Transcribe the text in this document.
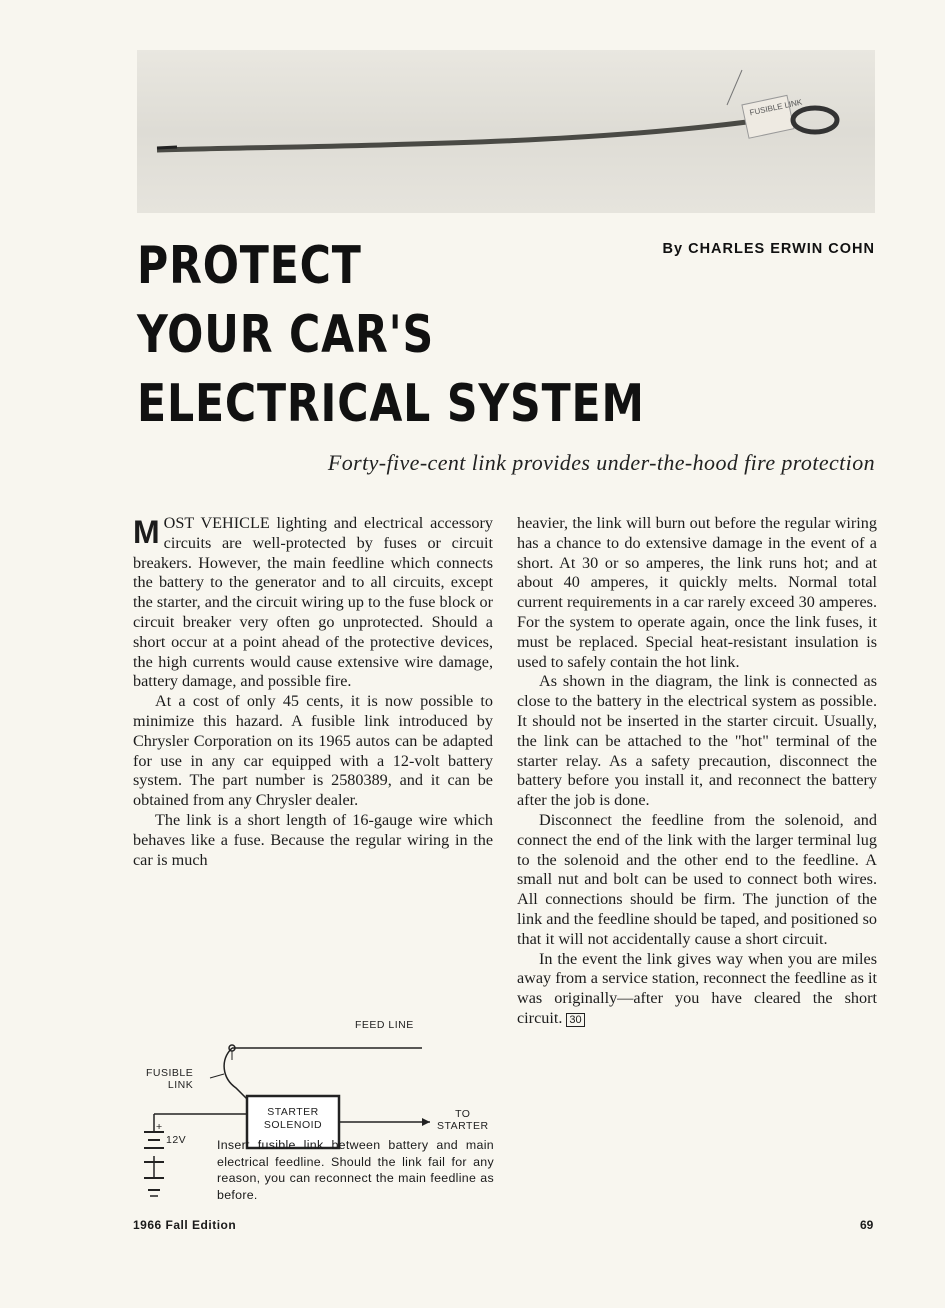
FUSIBLE LINK
PROTECT
YOUR CAR'S
ELECTRICAL SYSTEM
By CHARLES ERWIN COHN
Forty-five-cent link provides under-the-hood fire protection

MOST VEHICLE lighting and electrical accessory circuits are well-protected by fuses or circuit breakers. However, the main feedline which connects the battery to the generator and to all circuits, except the starter, and the circuit wiring up to the fuse block or circuit breaker very often go unprotected. Should a short occur at a point ahead of the protective devices, the high currents would cause extensive wire damage, battery damage, and possible fire.

At a cost of only 45 cents, it is now possible to minimize this hazard. A fusible link introduced by Chrysler Corporation on its 1965 autos can be adapted for use in any car equipped with a 12-volt battery system. The part number is 2580389, and it can be obtained from any Chrysler dealer.

The link is a short length of 16-gauge wire which behaves like a fuse. Because the regular wiring in the car is much

heavier, the link will burn out before the regular wiring has a chance to do extensive damage in the event of a short. At 30 or so amperes, the link runs hot; and at about 40 amperes, it quickly melts. Normal total current requirements in a car rarely exceed 30 amperes. For the system to operate again, once the link fuses, it must be replaced. Special heat-resistant insulation is used to safely contain the hot link.

As shown in the diagram, the link is connected as close to the battery in the electrical system as possible. It should not be inserted in the starter circuit. Usually, the link can be attached to the "hot" terminal of the starter relay. As a safety precaution, disconnect the battery before you install it, and reconnect the battery after the job is done.

Disconnect the feedline from the solenoid, and connect the end of the link with the larger terminal lug to the solenoid and the other end to the feedline. A small nut and bolt can be used to connect both wires. All connections should be firm. The junction of the link and the feedline should be taped, and positioned so that it will not accidentally cause a short circuit.

In the event the link gives way when you are miles away from a service station, reconnect the feedline as it was originally—after you have cleared the short circuit. 30

FEED LINE
FUSIBLE
LINK
STARTER
SOLENOID
TO
STARTER
+
12V Insert fusible link between battery and main electrical feedline. Should the link fail for any reason, you can reconnect the main feedline as before.
1966 Fall Edition	69
